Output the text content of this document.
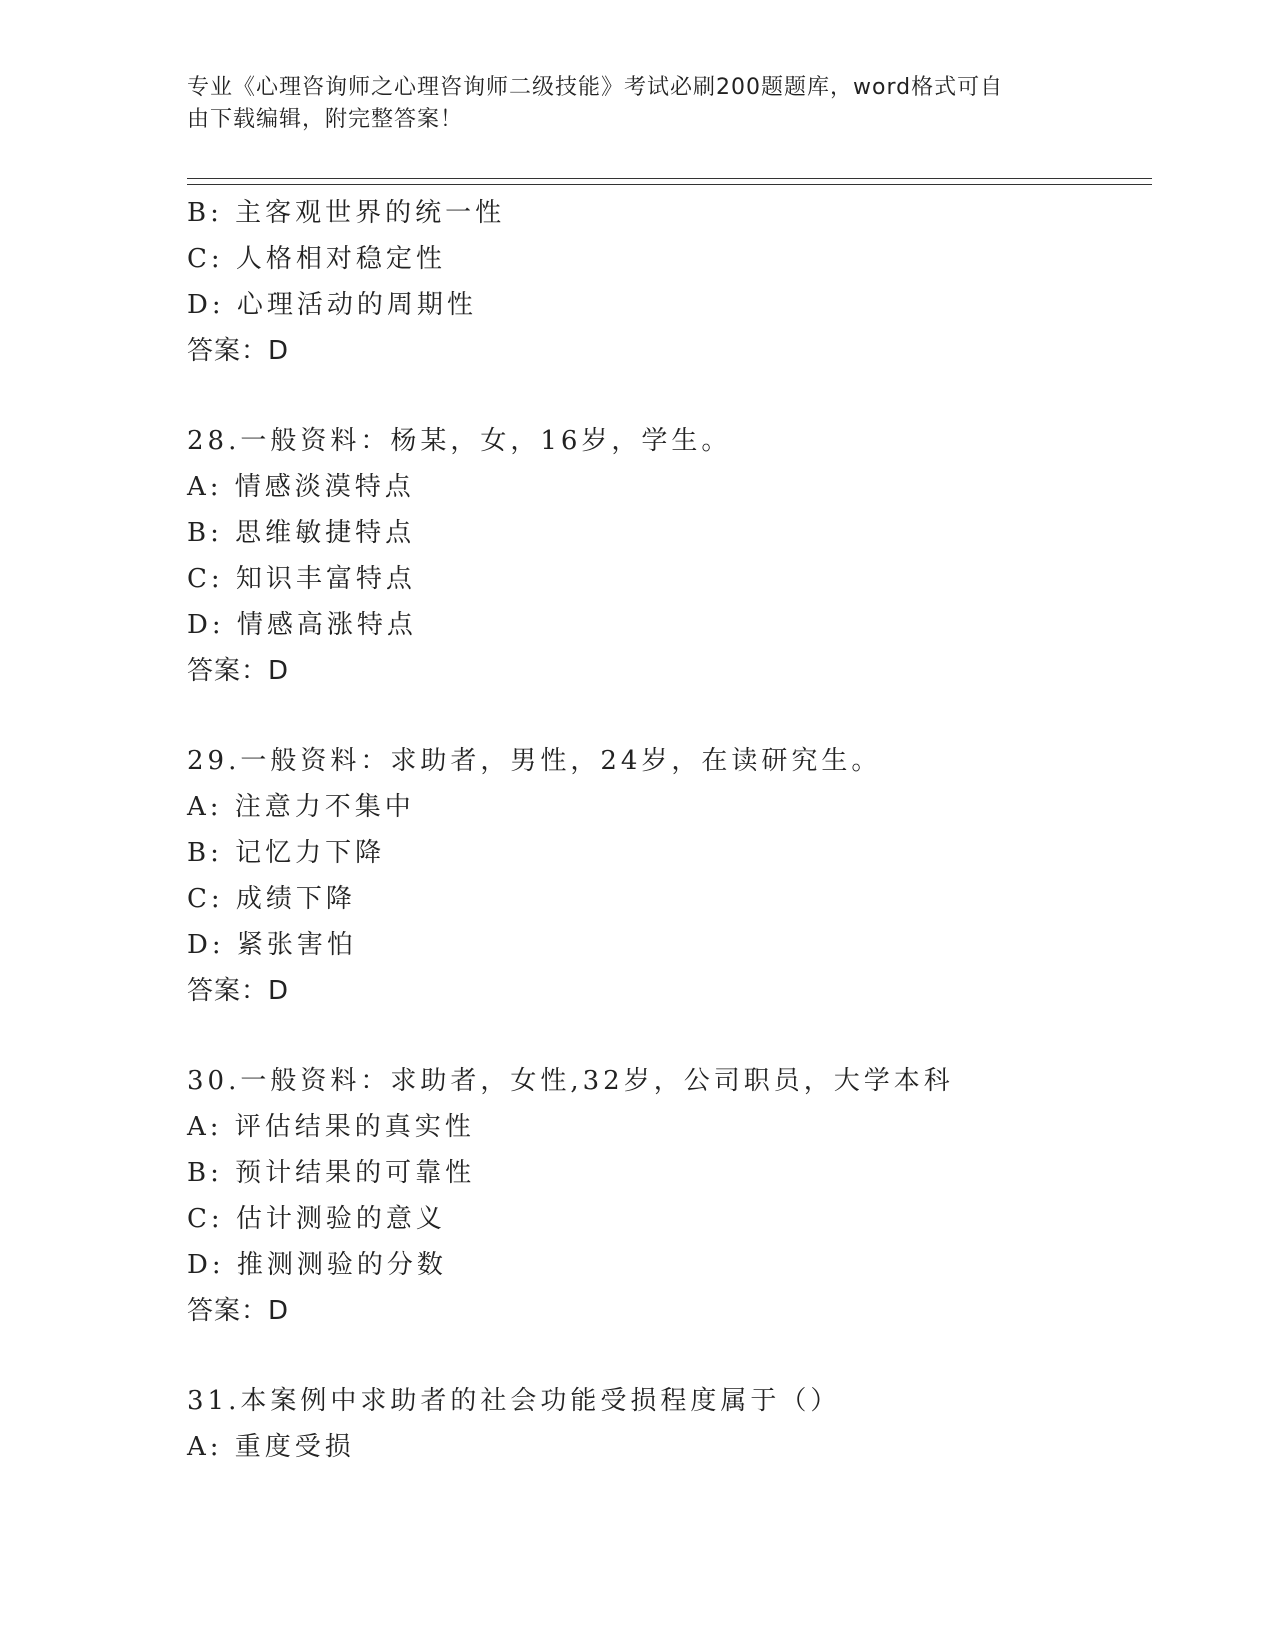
专业《心理咨询师之心理咨询师二级技能》考试必刷200题题库，word格式可自
由下载编辑，附完整答案！
B: 主客观世界的统一性
C: 人格相对稳定性
D: 心理活动的周期性
答案：D
28.一般资料：杨某，女，16岁，学生。
A: 情感淡漠特点
B: 思维敏捷特点
C: 知识丰富特点
D: 情感高涨特点
答案：D
29.一般资料：求助者，男性，24岁，在读研究生。
A: 注意力不集中
B: 记忆力下降
C: 成绩下降
D: 紧张害怕
答案：D
30.一般资料：求助者，女性,32岁，公司职员，大学本科
A: 评估结果的真实性
B: 预计结果的可靠性
C: 估计测验的意义
D: 推测测验的分数
答案：D
31.本案例中求助者的社会功能受损程度属于（）
A: 重度受损
